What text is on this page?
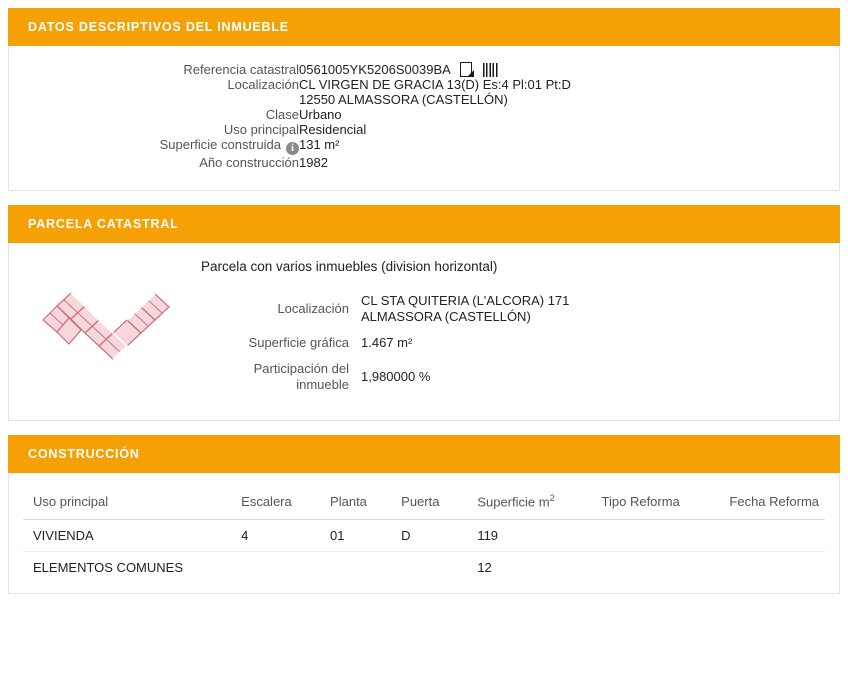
DATOS DESCRIPTIVOS DEL INMUEBLE
Referencia catastral	0561005YK5206S0039BA

Localización	CL VIRGEN DE GRACIA 13(D) Es:4 Pl:01 Pt:D
12550 ALMASSORA (CASTELLÓN)

Clase	Urbano
Uso principal	Residencial
Superficie construida i	131 m²
Año construcción	1982
PARCELA CATASTRAL
Parcela con varios inmuebles (division horizontal)
Localización	CL STA QUITERIA (L'ALCORA) 171
ALMASSORA (CASTELLÓN)

Superficie gráfica	1.467 m²
Participación del
inmueble	1,980000 %
CONSTRUCCIÓN
Uso principal	Escalera	Planta	Puerta	Superficie $m^2$	Tipo Reforma	Fecha Reforma
VIVIENDA	4	01	D	119		
ELEMENTOS COMUNES				12		
